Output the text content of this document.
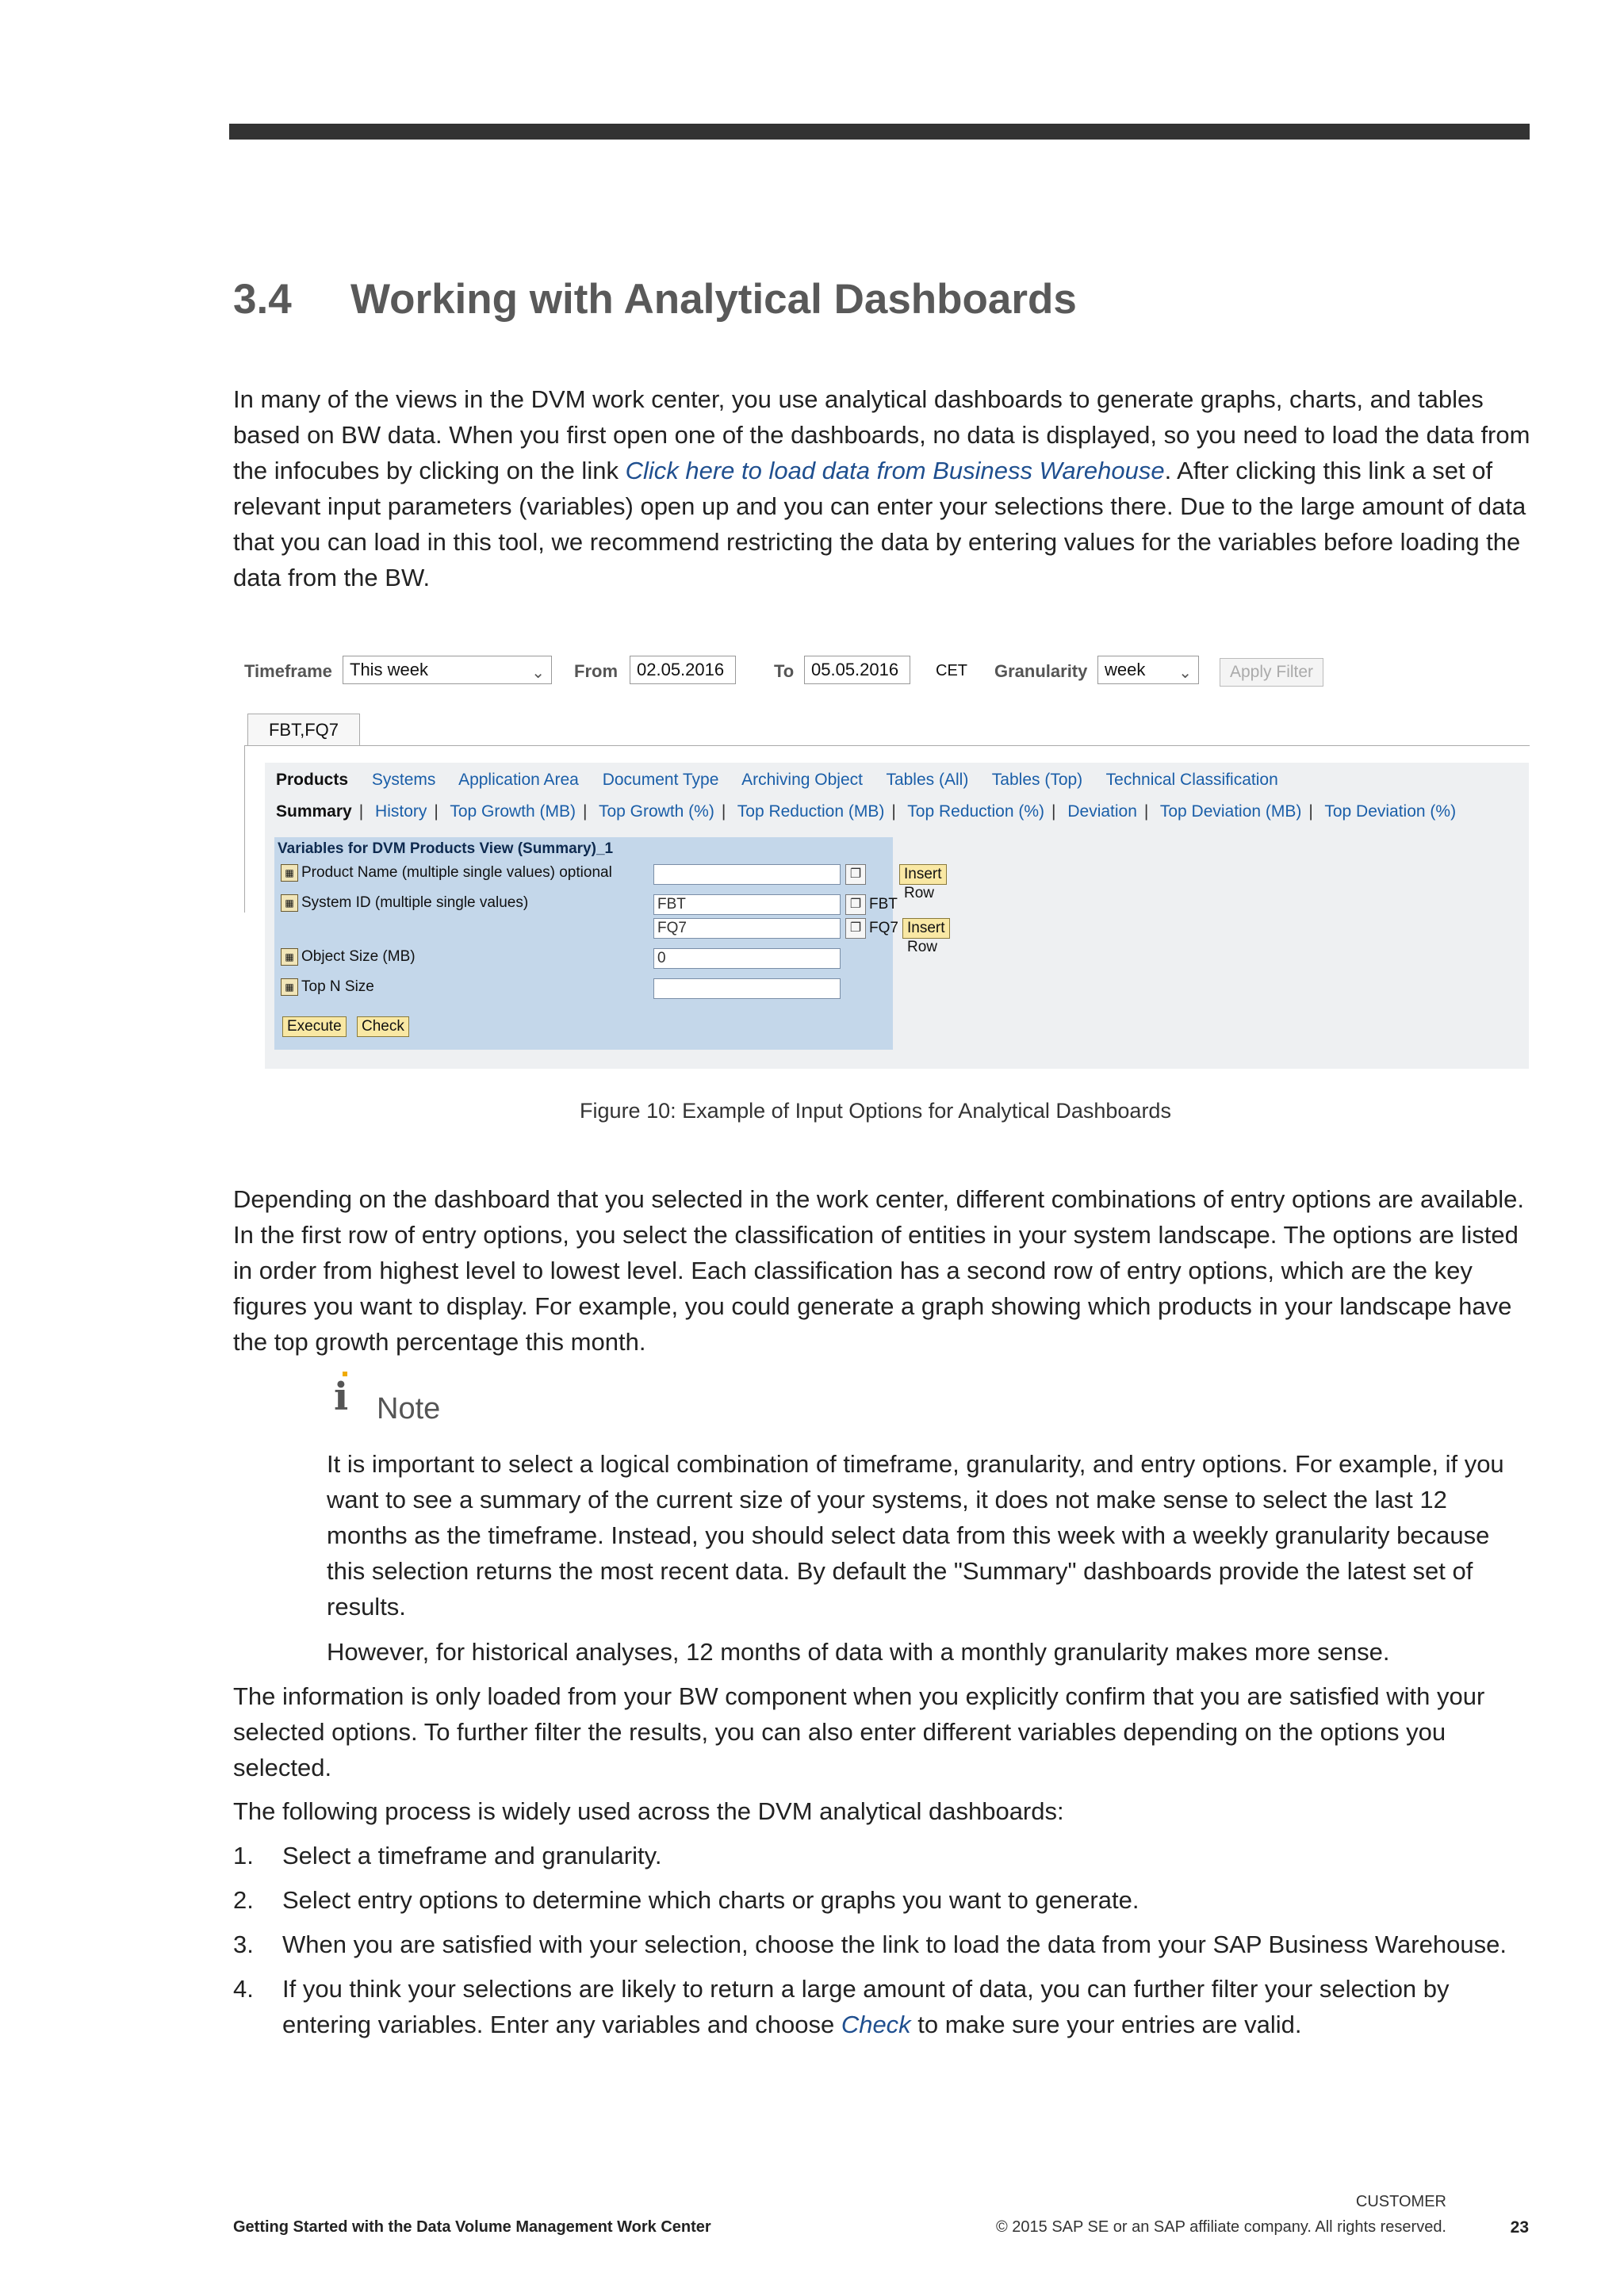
3.4 Working with Analytical Dashboards
In many of the views in the DVM work center, you use analytical dashboards to generate graphs, charts, and tables based on BW data. When you first open one of the dashboards, no data is displayed, so you need to load the data from the infocubes by clicking on the link Click here to load data from Business Warehouse. After clicking this link a set of relevant input parameters (variables) open up and you can enter your selections there. Due to the large amount of data that you can load in this tool, we recommend restricting the data by entering values for the variables before loading the data from the BW.
Timeframe	This week	⌄ From	02.05.2016	To 05.05.2016	CET Granularity week ⌄	Apply Filter
FBT,FQ7
Products Systems Application Area Document Type Archiving Object Tables (All) Tables (Top) Technical Classification
Summary | History | Top Growth (MB) | Top Growth (%) | Top Reduction (MB) | Top Reduction (%) | Deviation | Top Deviation (MB) | Top Deviation (%)
Variables for DVM Products View (Summary)_1
▦ Product Name (multiple single values) optional	❐	Insert Row
▦ System ID (multiple single values)	FBT	❐ FBT
FQ7	❐ FQ7 Insert Row
▦ Object Size (MB)	0
▦ Top N Size
Execute	Check
Figure 10: Example of Input Options for Analytical Dashboards
Depending on the dashboard that you selected in the work center, different combinations of entry options are available. In the first row of entry options, you select the classification of entities in your system landscape. The options are listed in order from highest level to lowest level. Each classification has a second row of entry options, which are the key figures you want to display. For example, you could generate a graph showing which products in your landscape have the top growth percentage this month.
i Note
It is important to select a logical combination of timeframe, granularity, and entry options. For example, if you want to see a summary of the current size of your systems, it does not make sense to select the last 12 months as the timeframe. Instead, you should select data from this week with a weekly granularity because this selection returns the most recent data. By default the "Summary" dashboards provide the latest set of results.
However, for historical analyses, 12 months of data with a monthly granularity makes more sense.
The information is only loaded from your BW component when you explicitly confirm that you are satisfied with your selected options. To further filter the results, you can also enter different variables depending on the options you selected.
The following process is widely used across the DVM analytical dashboards:
1. Select a timeframe and granularity.
2. Select entry options to determine which charts or graphs you want to generate.
3. When you are satisfied with your selection, choose the link to load the data from your SAP Business Warehouse.
4. If you think your selections are likely to return a large amount of data, you can further filter your selection by entering variables. Enter any variables and choose Check to make sure your entries are valid.
Getting Started with the Data Volume Management Work Center
CUSTOMER
© 2015 SAP SE or an SAP affiliate company. All rights reserved.	23
